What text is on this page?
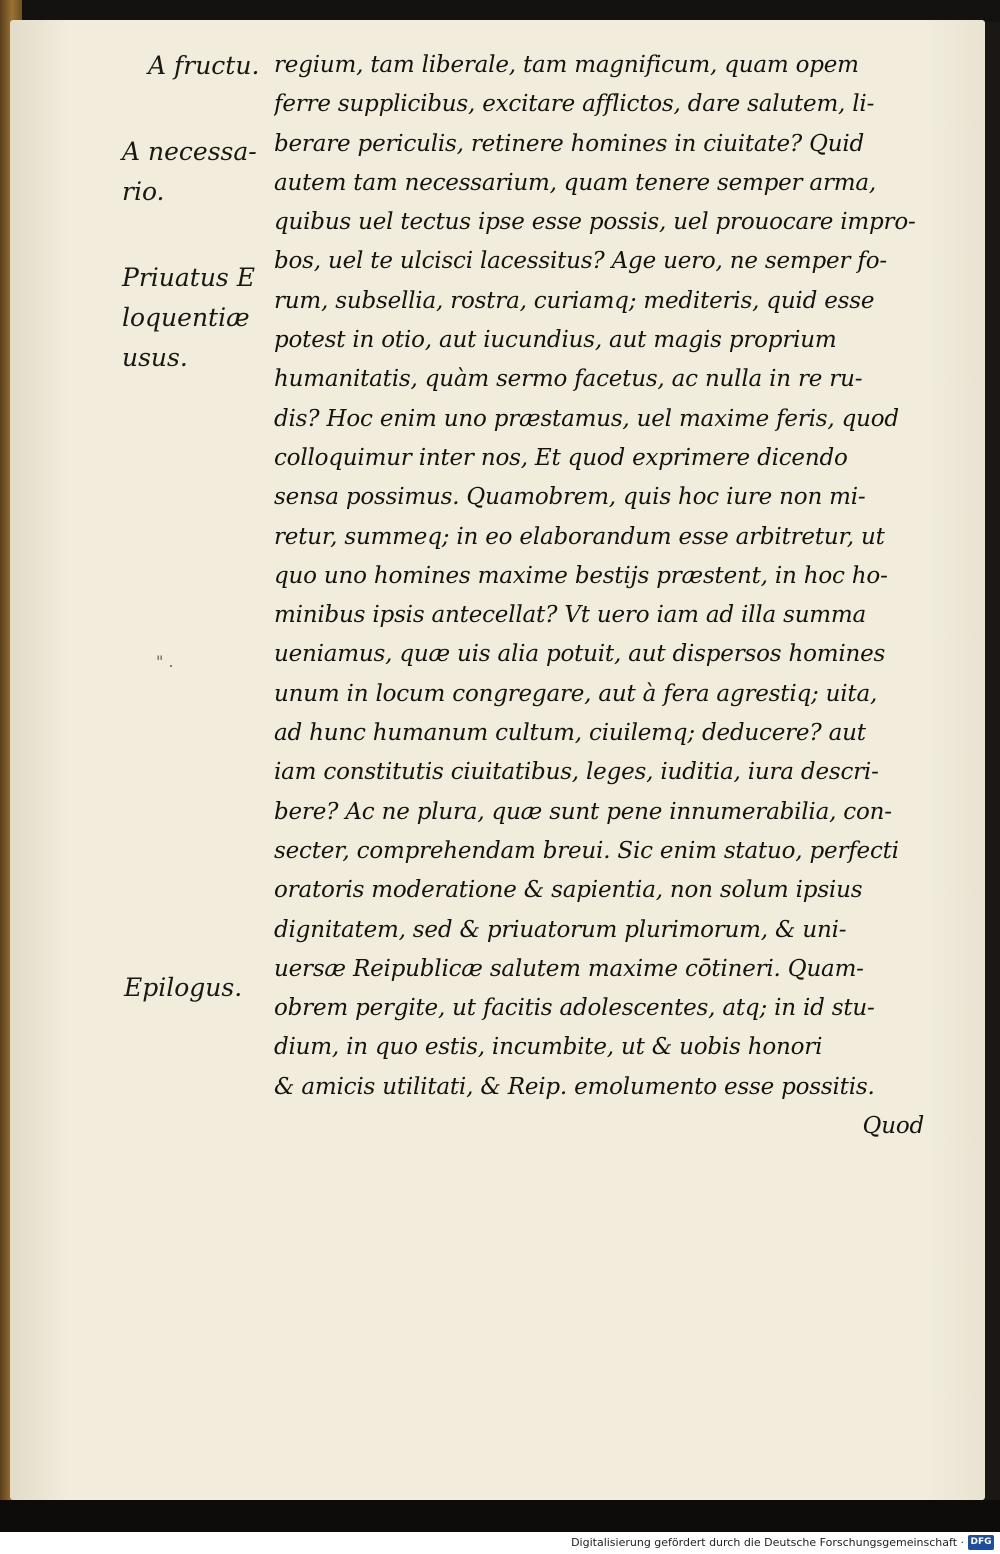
A fructu.
A necessa- rio.
Priuatus E loquentiæ usus.
" .
Epilogus.
regium, tam liberale, tam magnificum, quam opem
ferre supplicibus, excitare afflictos, dare salutem, li-
berare periculis, retinere homines in ciuitate? Quid
autem tam necessarium, quam tenere semper arma,
quibus uel tectus ipse esse possis, uel prouocare impro-
bos, uel te ulcisci lacessitus? Age uero, ne semper fo-
rum, subsellia, rostra, curiamq; mediteris, quid esse
potest in otio, aut iucundius, aut magis proprium
humanitatis, quàm sermo facetus, ac nulla in re ru-
dis? Hoc enim uno præstamus, uel maxime feris, quod
colloquimur inter nos, Et quod exprimere dicendo
sensa possimus. Quamobrem, quis hoc iure non mi-
retur, summeq; in eo elaborandum esse arbitretur, ut
quo uno homines maxime bestijs præstent, in hoc ho-
minibus ipsis antecellat? Vt uero iam ad illa summa
ueniamus, quæ uis alia potuit, aut dispersos homines
unum in locum congregare, aut à fera agrestiq; uita,
ad hunc humanum cultum, ciuilemq; deducere? aut
iam constitutis ciuitatibus, leges, iuditia, iura descri-
bere? Ac ne plura, quæ sunt pene innumerabilia, con-
secter, comprehendam breui. Sic enim statuo, perfecti
oratoris moderatione & sapientia, non solum ipsius
dignitatem, sed & priuatorum plurimorum, & uni-
uersæ Reipublicæ salutem maxime cōtineri. Quam-
obrem pergite, ut facitis adolescentes, atq; in id stu-
dium, in quo estis, incumbite, ut & uobis honori
& amicis utilitati, & Reip. emolumento esse possitis.
Quod
Digitalisierung gefördert durch die Deutsche Forschungsgemeinschaft · DFG
